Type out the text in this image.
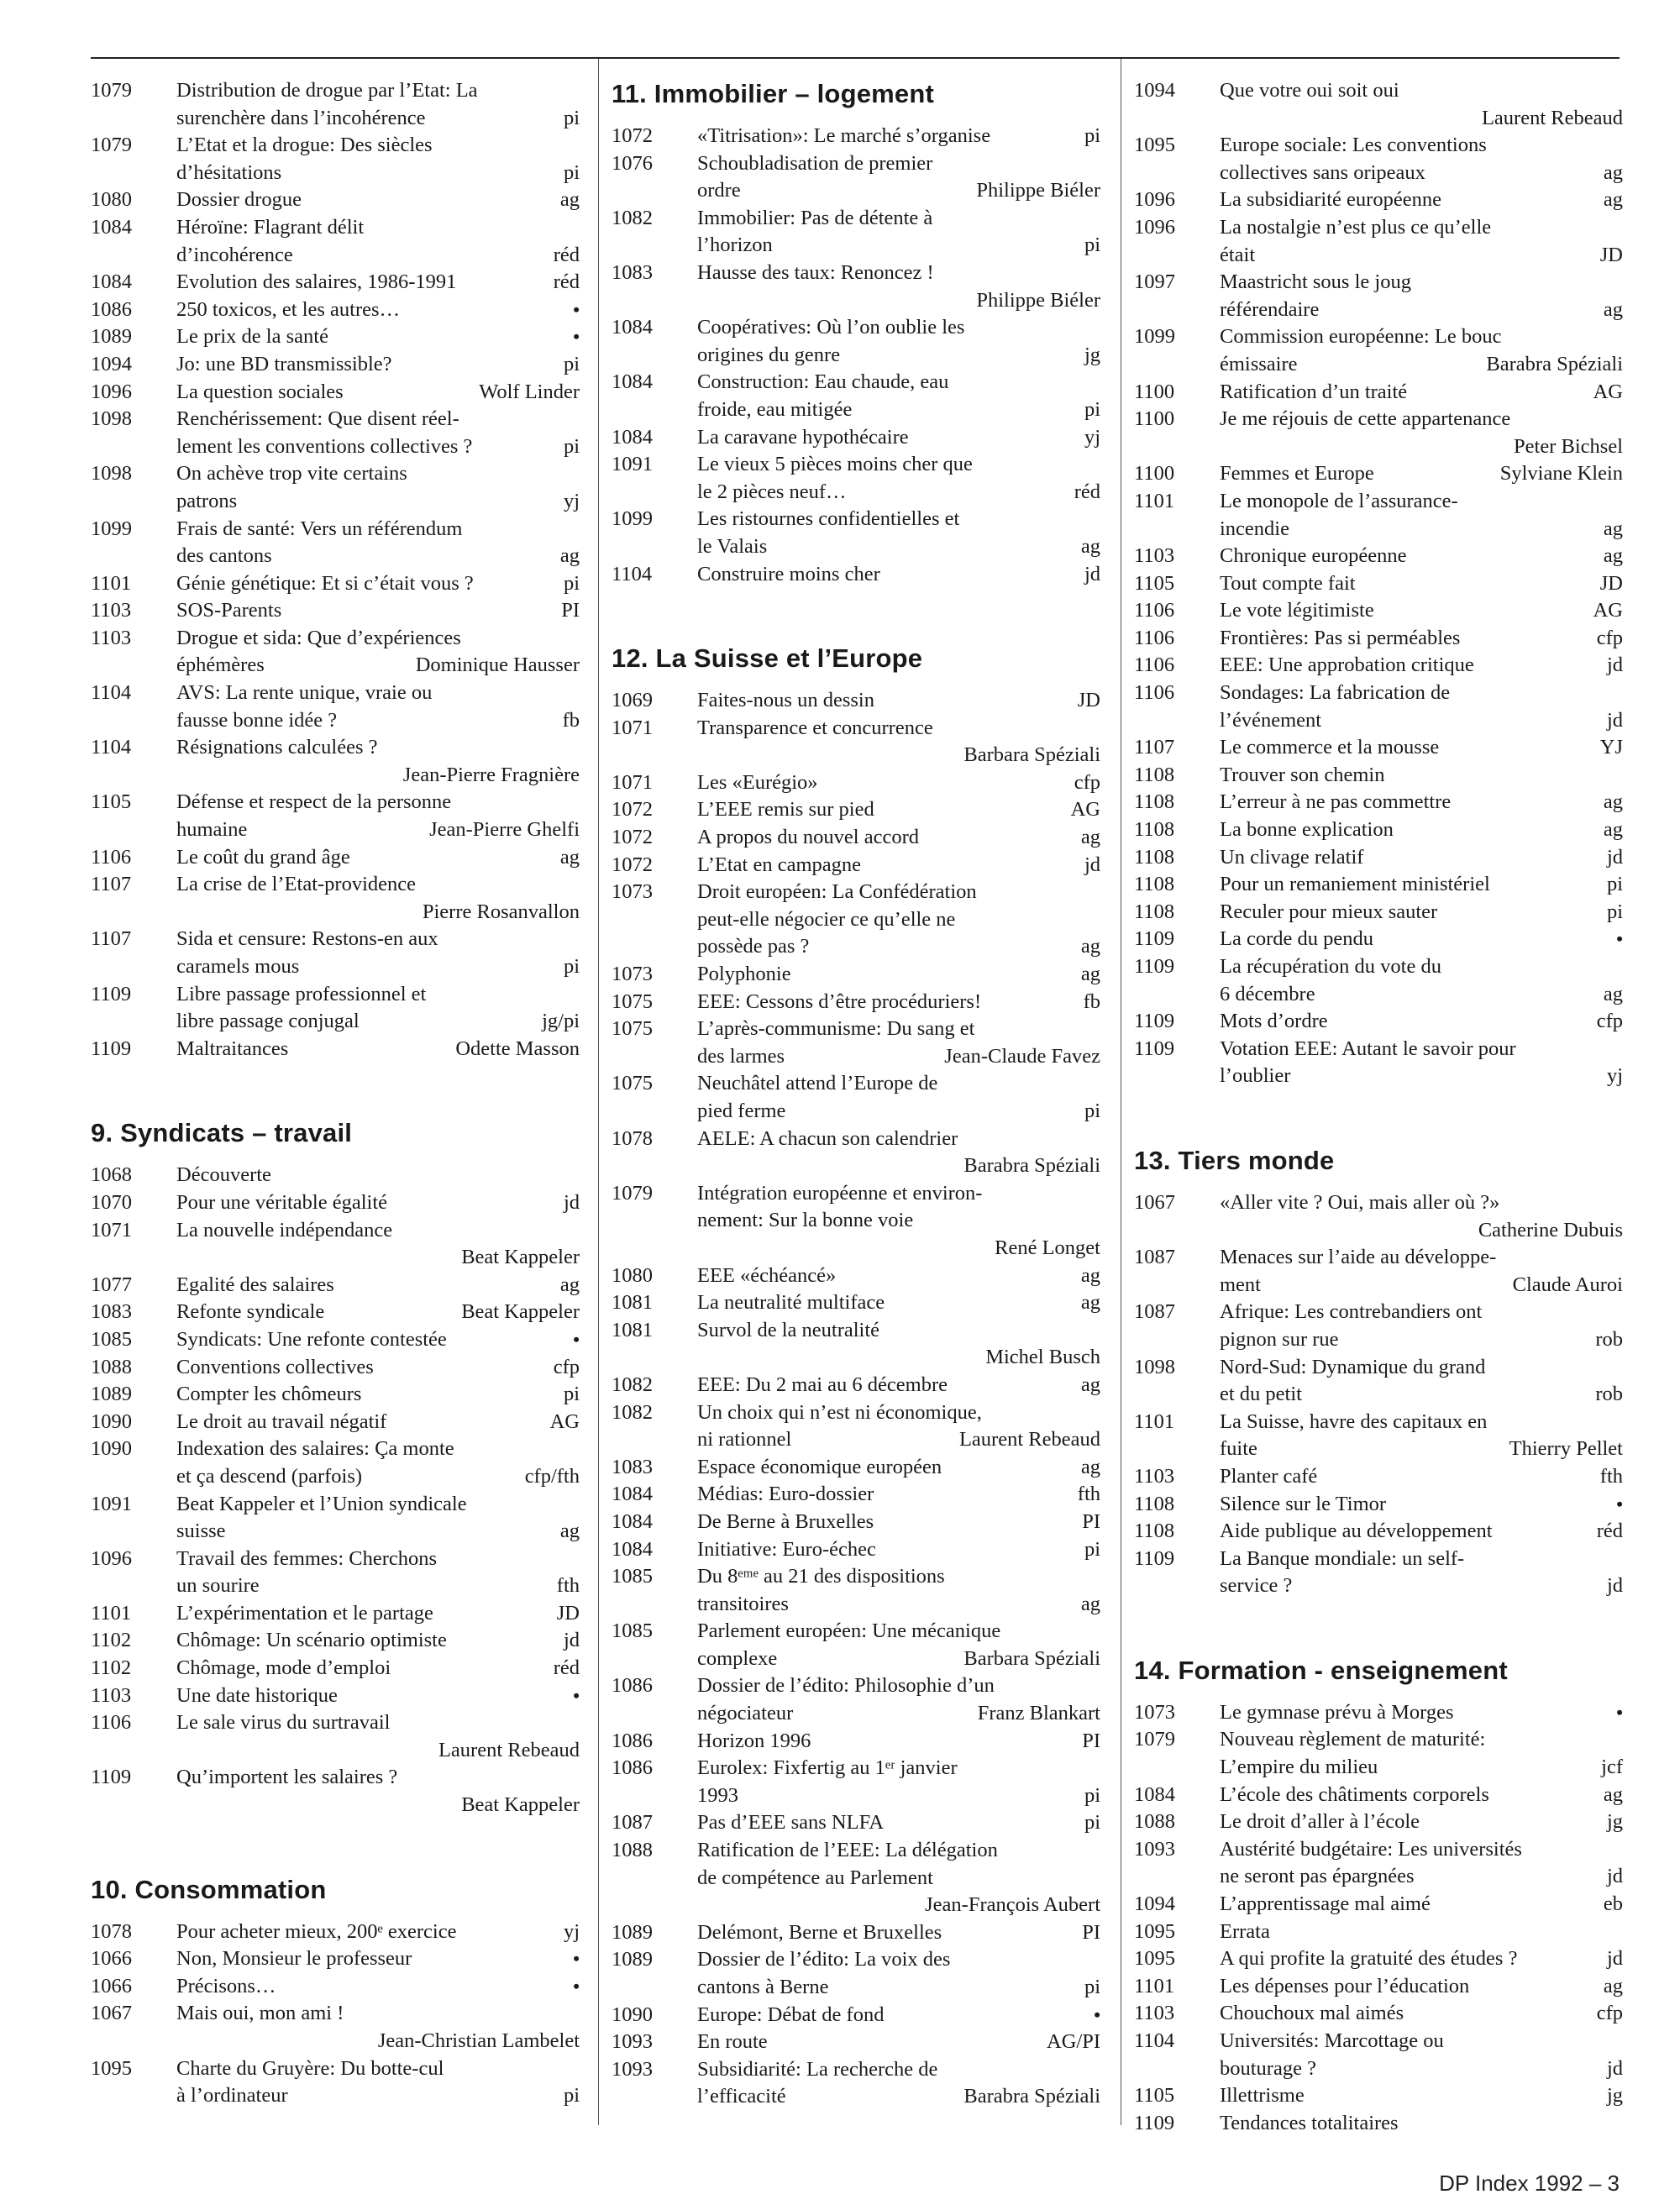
1079	Distribution de drogue par l’Etat: La
surenchère dans l’incohérence	pi
1079	L’Etat et la drogue: Des siècles
d’hésitations	pi
1080	Dossier drogue	ag
1084	Héroïne: Flagrant délit
d’incohérence	réd
1084	Evolution des salaires, 1986-1991	réd
1086	250 toxicos, et les autres…	•
1089	Le prix de la santé	•
1094	Jo: une BD transmissible?	pi
1096	La question sociales	Wolf Linder
1098	Renchérissement: Que disent réel-
lement les conventions collectives ?	pi
1098	On achève trop vite certains
patrons	yj
1099	Frais de santé: Vers un référendum
des cantons	ag
1101	Génie génétique: Et si c’était vous ?	pi
1103	SOS-Parents	PI
1103	Drogue et sida: Que d’expériences
éphémères	Dominique Hausser
1104	AVS: La rente unique, vraie ou
fausse bonne idée ?	fb
1104	Résignations calculées ?
Jean-Pierre Fragnière
1105	Défense et respect de la personne
humaine	Jean-Pierre Ghelfi
1106	Le coût du grand âge	ag
1107	La crise de l’Etat-providence
Pierre Rosanvallon
1107	Sida et censure: Restons-en aux
caramels mous	pi
1109	Libre passage professionnel et
libre passage conjugal	jg/pi
1109	Maltraitances	Odette Masson
9. Syndicats – travail
1068	Découverte
1070	Pour une véritable égalité	jd
1071	La nouvelle indépendance
Beat Kappeler
1077	Egalité des salaires	ag
1083	Refonte syndicale	Beat Kappeler
1085	Syndicats: Une refonte contestée	•
1088	Conventions collectives	cfp
1089	Compter les chômeurs	pi
1090	Le droit au travail négatif	AG
1090	Indexation des salaires: Ça monte
et ça descend (parfois)	cfp/fth
1091	Beat Kappeler et l’Union syndicale
suisse	ag
1096	Travail des femmes: Cherchons
un sourire	fth
1101	L’expérimentation et le partage	JD
1102	Chômage: Un scénario optimiste	jd
1102	Chômage, mode d’emploi	réd
1103	Une date historique	•
1106	Le sale virus du surtravail
Laurent Rebeaud
1109	Qu’importent les salaires ?
Beat Kappeler
10. Consommation
1078	Pour acheter mieux, 200ᵉ exercice	yj
1066	Non, Monsieur le professeur	•
1066	Précisons…	•
1067	Mais oui, mon ami !
Jean-Christian Lambelet
1095	Charte du Gruyère: Du botte-cul
à l’ordinateur	pi
11. Immobilier – logement
1072	«Titrisation»: Le marché s’organise	pi
1076	Schoubladisation de premier
ordre	Philippe Biéler
1082	Immobilier: Pas de détente à
l’horizon	pi
1083	Hausse des taux: Renoncez !
Philippe Biéler
1084	Coopératives: Où l’on oublie les
origines du genre	jg
1084	Construction: Eau chaude, eau
froide, eau mitigée	pi
1084	La caravane hypothécaire	yj
1091	Le vieux 5 pièces moins cher que
le 2 pièces neuf…	réd
1099	Les ristournes confidentielles et
le Valais	ag
1104	Construire moins cher	jd
12. La Suisse et l’Europe
1069	Faites-nous un dessin	JD
1071	Transparence et concurrence
Barbara Spéziali
1071	Les «Eurégio»	cfp
1072	L’EEE remis sur pied	AG
1072	A propos du nouvel accord	ag
1072	L’Etat en campagne	jd
1073	Droit européen: La Confédération
peut-elle négocier ce qu’elle ne
possède pas ?	ag
1073	Polyphonie	ag
1075	EEE: Cessons d’être procéduriers!	fb
1075	L’après-communisme: Du sang et
des larmes	Jean-Claude Favez
1075	Neuchâtel attend l’Europe de
pied ferme	pi
1078	AELE: A chacun son calendrier
Barabra Spéziali
1079	Intégration européenne et environ-
nement: Sur la bonne voie
René Longet
1080	EEE «échéancé»	ag
1081	La neutralité multiface	ag
1081	Survol de la neutralité
Michel Busch
1082	EEE: Du 2 mai au 6 décembre	ag
1082	Un choix qui n’est ni économique,
ni rationnel	Laurent Rebeaud
1083	Espace économique européen	ag
1084	Médias: Euro-dossier	fth
1084	De Berne à Bruxelles	PI
1084	Initiative: Euro-échec	pi
1085	Du 8ᵉᵐᵉ au 21 des dispositions
transitoires	ag
1085	Parlement européen: Une mécanique
complexe	Barbara Spéziali
1086	Dossier de l’édito: Philosophie d’un
négociateur	Franz Blankart
1086	Horizon 1996	PI
1086	Eurolex: Fixfertig au 1ᵉʳ janvier
1993	pi
1087	Pas d’EEE sans NLFA	pi
1088	Ratification de l’EEE: La délégation
de compétence au Parlement
Jean-François Aubert
1089	Delémont, Berne et Bruxelles	PI
1089	Dossier de l’édito: La voix des
cantons à Berne	pi
1090	Europe: Débat de fond	•
1093	En route	AG/PI
1093	Subsidiarité: La recherche de
l’efficacité	Barabra Spéziali
1094	Que votre oui soit oui
Laurent Rebeaud
1095	Europe sociale: Les conventions
collectives sans oripeaux	ag
1096	La subsidiarité européenne	ag
1096	La nostalgie n’est plus ce qu’elle
était	JD
1097	Maastricht sous le joug
référendaire	ag
1099	Commission européenne: Le bouc
émissaire	Barabra Spéziali
1100	Ratification d’un traité	AG
1100	Je me réjouis de cette appartenance
Peter Bichsel
1100	Femmes et Europe	Sylviane Klein
1101	Le monopole de l’assurance-
incendie	ag
1103	Chronique européenne	ag
1105	Tout compte fait	JD
1106	Le vote légitimiste	AG
1106	Frontières: Pas si perméables	cfp
1106	EEE: Une approbation critique	jd
1106	Sondages: La fabrication de
l’événement	jd
1107	Le commerce et la mousse	YJ
1108	Trouver son chemin
1108	L’erreur à ne pas commettre	ag
1108	La bonne explication	ag
1108	Un clivage relatif	jd
1108	Pour un remaniement ministériel	pi
1108	Reculer pour mieux sauter	pi
1109	La corde du pendu	•
1109	La récupération du vote du
6 décembre	ag
1109	Mots d’ordre	cfp
1109	Votation EEE: Autant le savoir pour
l’oublier	yj
13. Tiers monde
1067	«Aller vite ? Oui, mais aller où ?»
Catherine Dubuis
1087	Menaces sur l’aide au développe-
ment	Claude Auroi
1087	Afrique: Les contrebandiers ont
pignon sur rue	rob
1098	Nord-Sud: Dynamique du grand
et du petit	rob
1101	La Suisse, havre des capitaux en
fuite	Thierry Pellet
1103	Planter café	fth
1108	Silence sur le Timor	•
1108	Aide publique au développement	réd
1109	La Banque mondiale: un self-
service ?	jd
14. Formation - enseignement
1073	Le gymnase prévu à Morges	•
1079	Nouveau règlement de maturité:
L’empire du milieu	jcf
1084	L’école des châtiments corporels	ag
1088	Le droit d’aller à l’école	jg
1093	Austérité budgétaire: Les universités
ne seront pas épargnées	jd
1094	L’apprentissage mal aimé	eb
1095	Errata
1095	A qui profite la gratuité des études ?	jd
1101	Les dépenses pour l’éducation	ag
1103	Chouchoux mal aimés	cfp
1104	Universités: Marcottage ou
bouturage ?	jd
1105	Illettrisme	jg
1109	Tendances totalitaires
DP Index 1992 – 3
